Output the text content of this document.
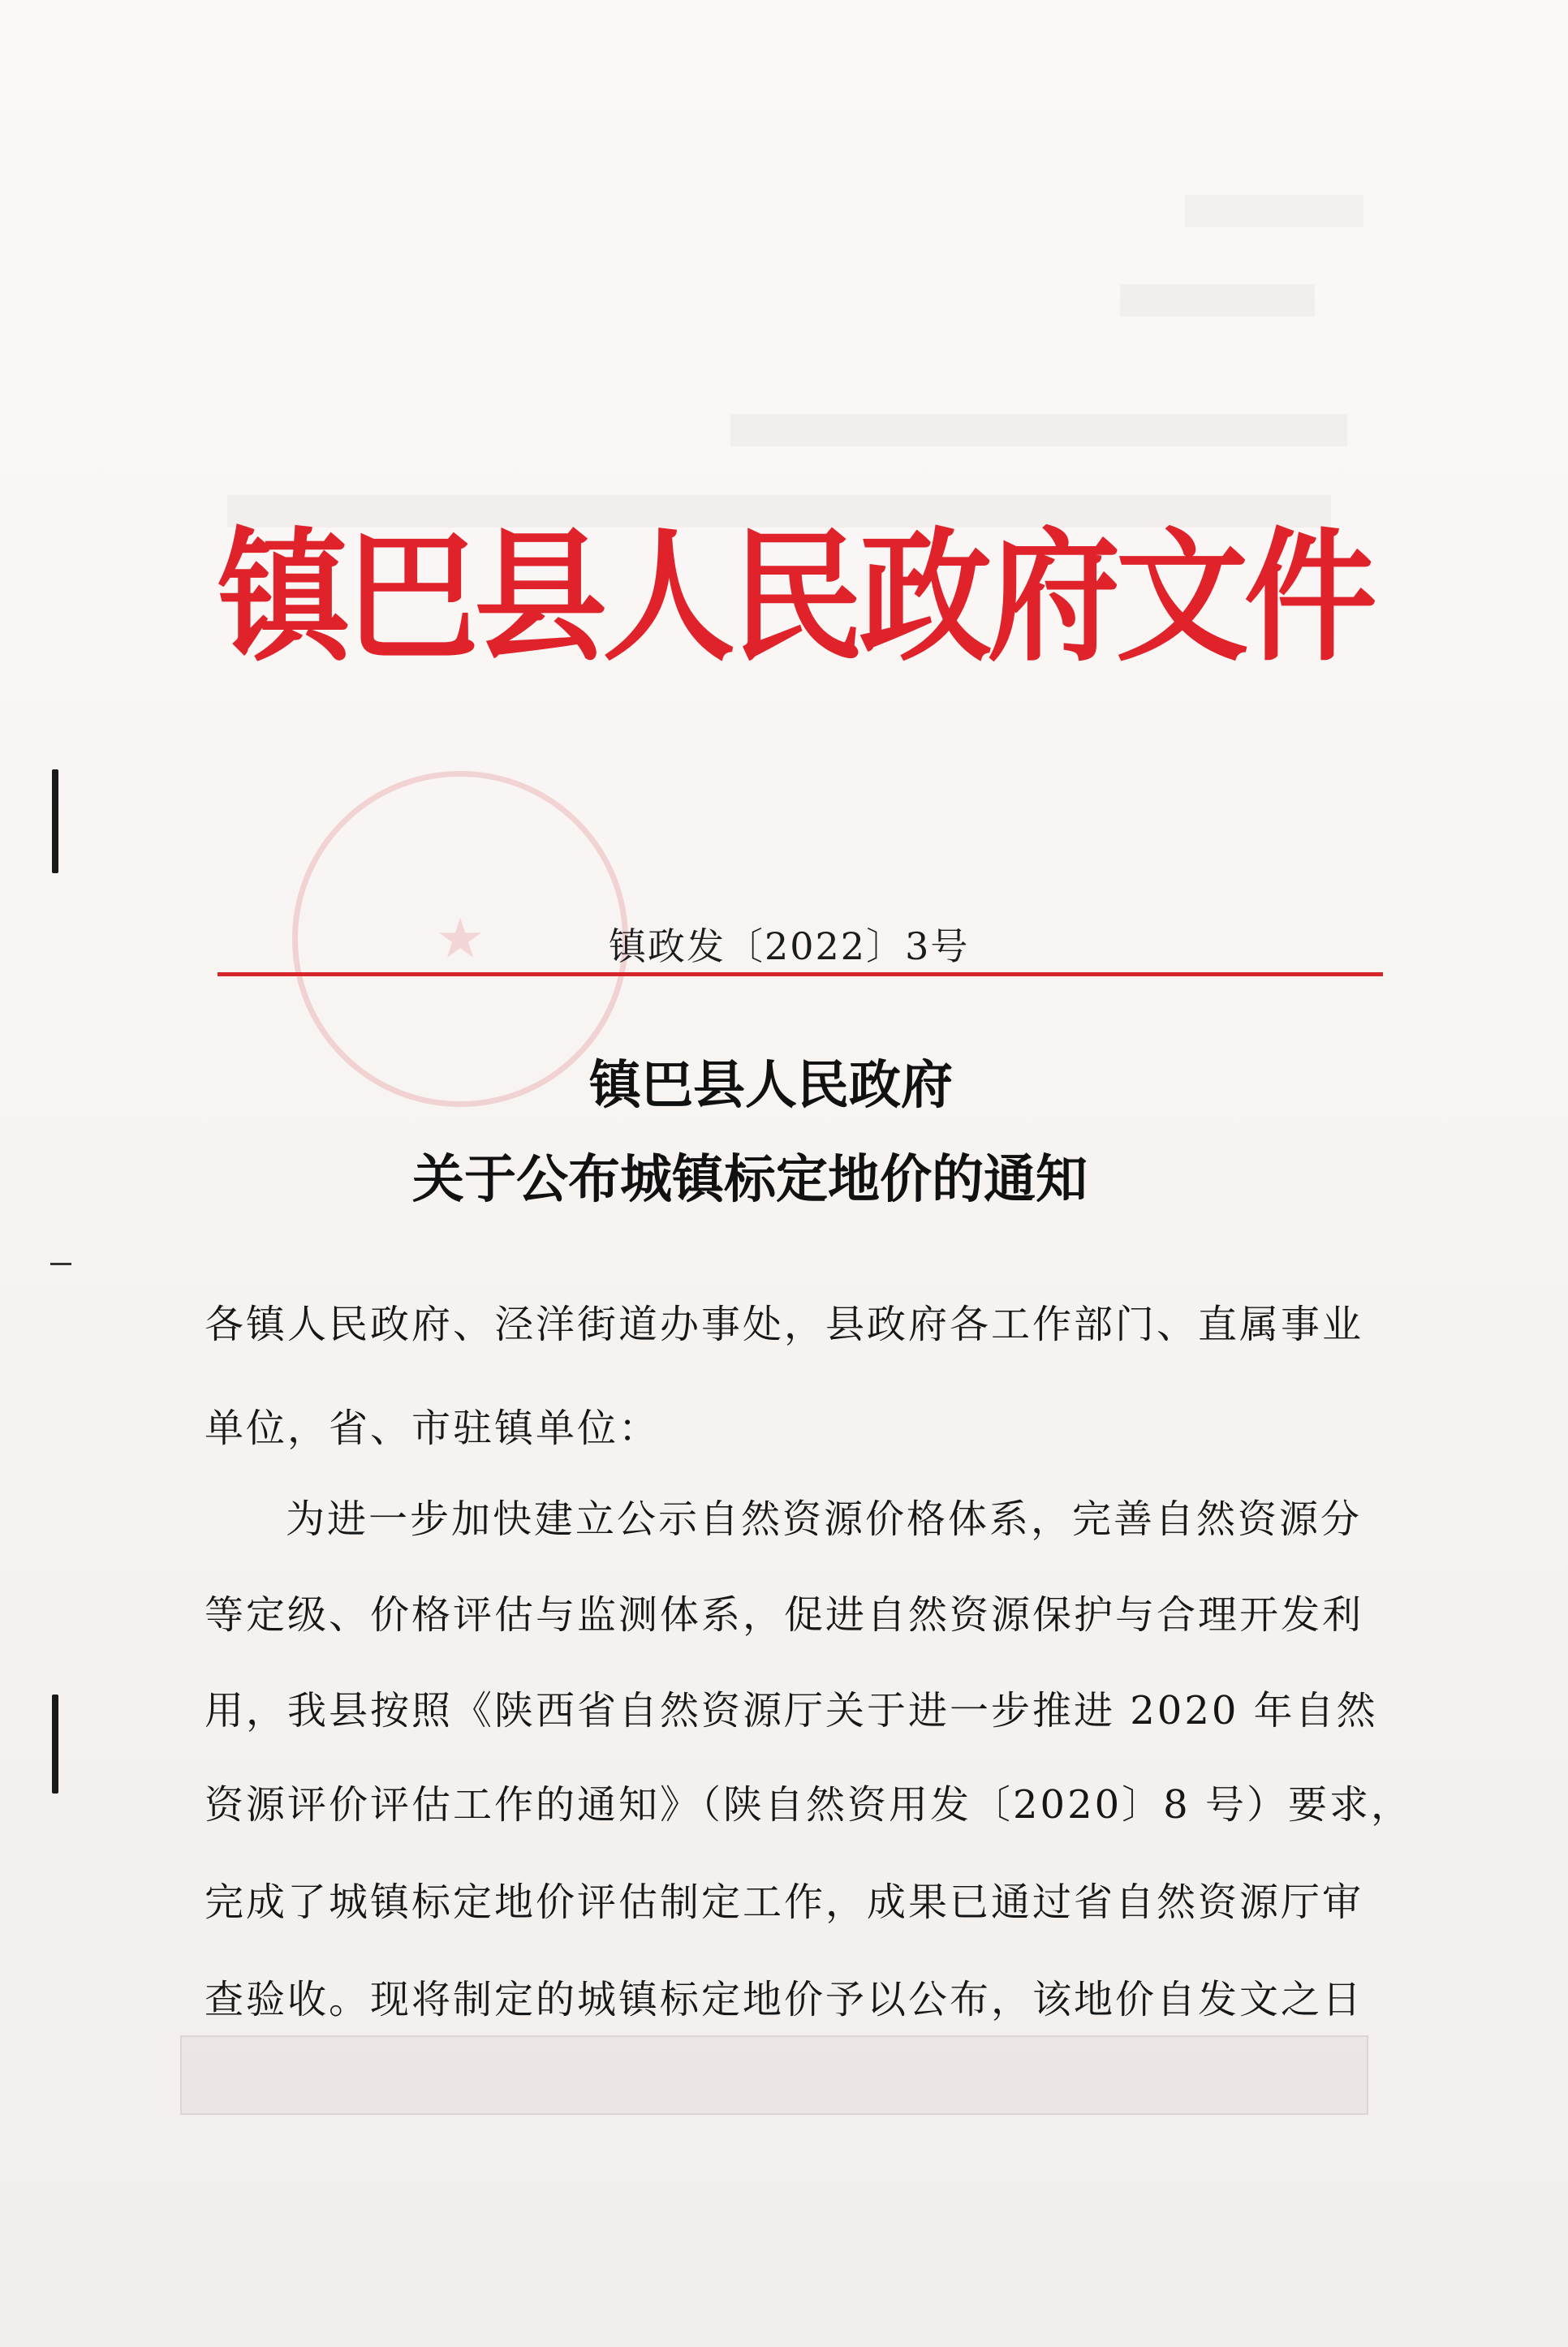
★
镇巴县人民政府文件
镇政发〔2022〕3号
镇巴县人民政府
关于公布城镇标定地价的通知
各镇人民政府、泾洋街道办事处，县政府各工作部门、直属事业
单位，省、市驻镇单位：
为进一步加快建立公示自然资源价格体系，完善自然资源分
等定级、价格评估与监测体系，促进自然资源保护与合理开发利
用，我县按照《陕西省自然资源厅关于进一步推进 2020 年自然
资源评价评估工作的通知》（陕自然资用发〔2020〕8 号）要求，
完成了城镇标定地价评估制定工作，成果已通过省自然资源厅审
查验收。现将制定的城镇标定地价予以公布，该地价自发文之日
